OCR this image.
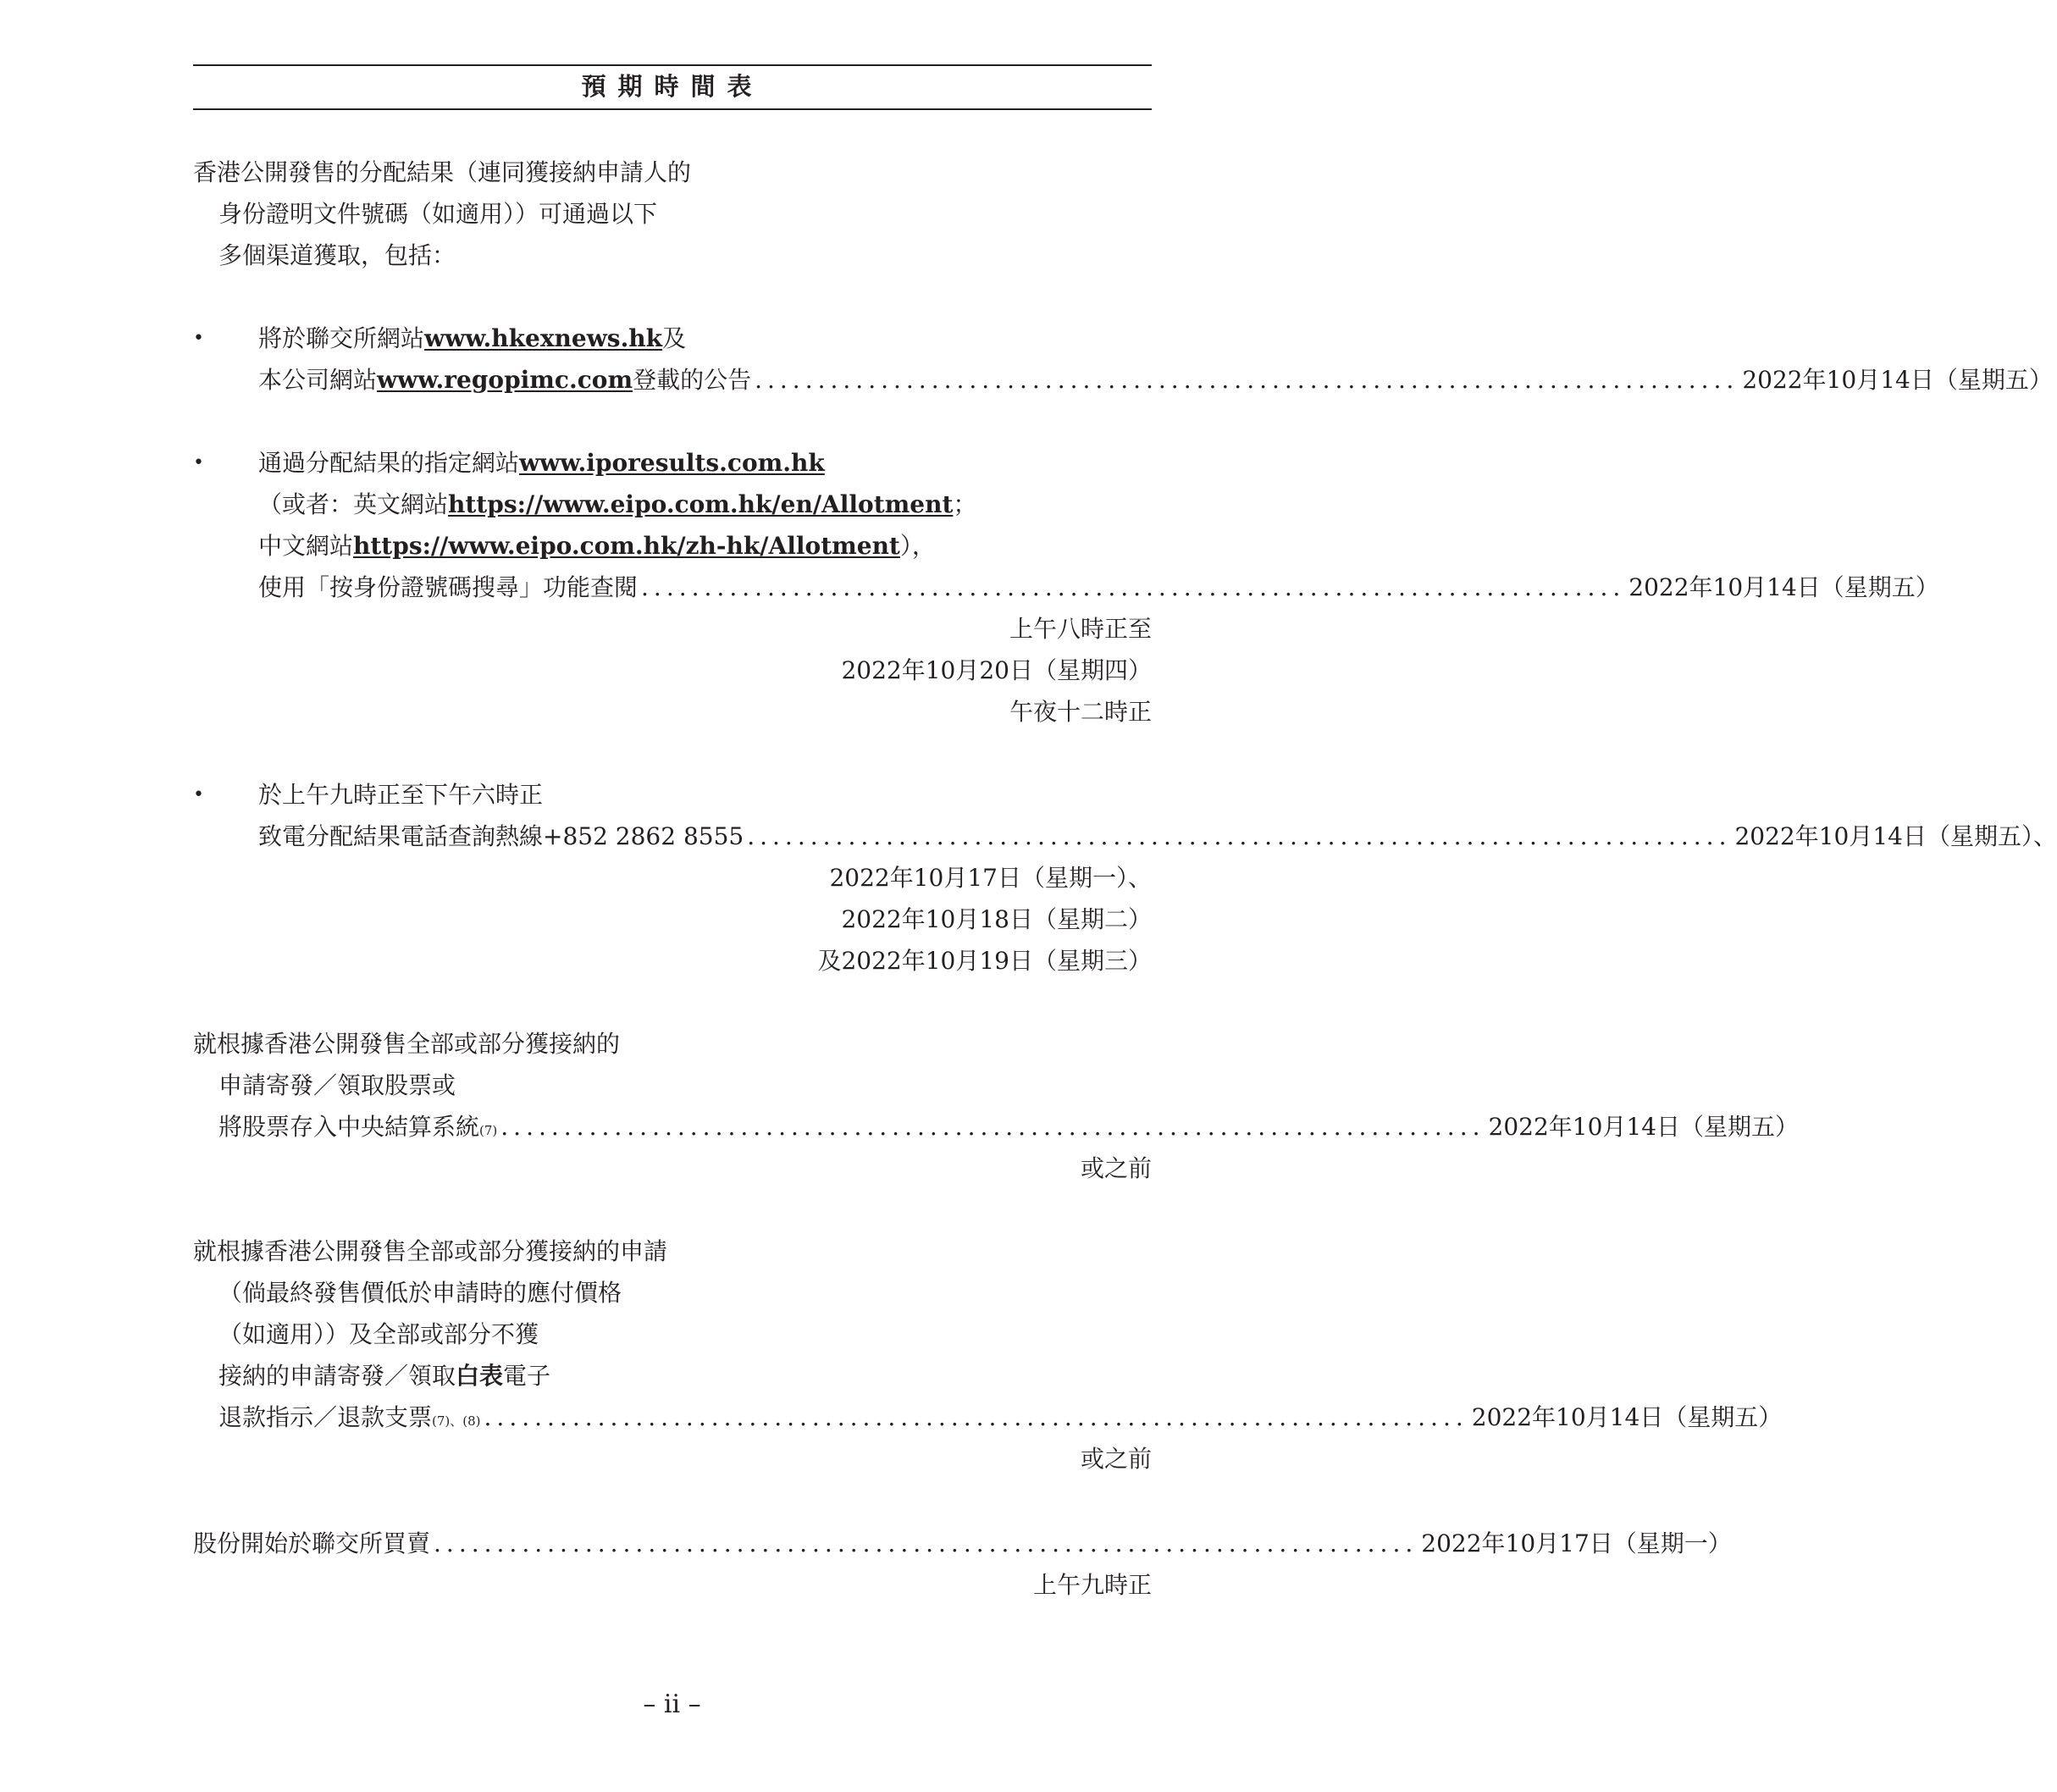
預期時間表
香港公開發售的分配結果（連同獲接納申請人的
身份證明文件號碼（如適用））可通過以下
多個渠道獲取，包括：
• 將於聯交所網站 www.hkexnews.hk 及
本公司網站 www.regopimc.com 登載的公告 .............................................................................. 2022年10月14日（星期五）
• 通過分配結果的指定網站 www.iporesults.com.hk
（或者：英文網站 https://www.eipo.com.hk/en/Allotment ；
中文網站 https://www.eipo.com.hk/zh-hk/Allotment ），
使用「按身份證號碼搜尋」功能查閱 .............................................................................. 2022年10月14日（星期五）
上午八時正至
2022年10月20日（星期四）
午夜十二時正
• 於上午九時正至下午六時正
致電分配結果電話查詢熱線+852 2862 8555 .............................................................................. 2022年10月14日（星期五）、
2022年10月17日（星期一）、
2022年10月18日（星期二）
及2022年10月19日（星期三）
就根據香港公開發售全部或部分獲接納的
申請寄發／領取股票或
將股票存入中央結算系統 (7) .............................................................................. 2022年10月14日（星期五）
或之前
就根據香港公開發售全部或部分獲接納的申請
（倘最終發售價低於申請時的應付價格
（如適用））及全部或部分不獲
接納的申請寄發／領取 白表 電子
退款指示／退款支票 (7)、(8) .............................................................................. 2022年10月14日（星期五）
或之前
股份開始於聯交所買賣 .............................................................................. 2022年10月17日（星期一）
上午九時正
– ii –
